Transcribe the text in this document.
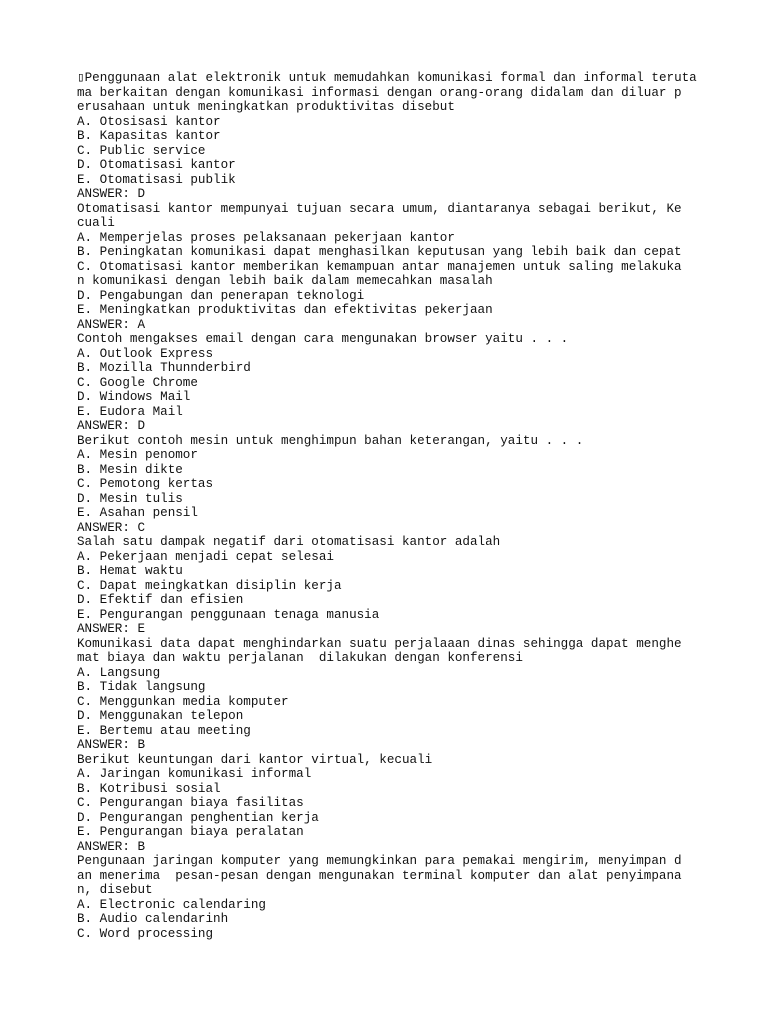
▯Penggunaan alat elektronik untuk memudahkan komunikasi formal dan informal teruta
ma berkaitan dengan komunikasi informasi dengan orang-orang didalam dan diluar p
erusahaan untuk meningkatkan produktivitas disebut
A. Otosisasi kantor
B. Kapasitas kantor
C. Public service
D. Otomatisasi kantor
E. Otomatisasi publik
ANSWER: D
Otomatisasi kantor mempunyai tujuan secara umum, diantaranya sebagai berikut, Ke
cuali
A. Memperjelas proses pelaksanaan pekerjaan kantor
B. Peningkatan komunikasi dapat menghasilkan keputusan yang lebih baik dan cepat
C. Otomatisasi kantor memberikan kemampuan antar manajemen untuk saling melakuka
n komunikasi dengan lebih baik dalam memecahkan masalah
D. Pengabungan dan penerapan teknologi
E. Meningkatkan produktivitas dan efektivitas pekerjaan
ANSWER: A
Contoh mengakses email dengan cara mengunakan browser yaitu . . .
A. Outlook Express
B. Mozilla Thunnderbird
C. Google Chrome
D. Windows Mail
E. Eudora Mail
ANSWER: D
Berikut contoh mesin untuk menghimpun bahan keterangan, yaitu . . .
A. Mesin penomor
B. Mesin dikte
C. Pemotong kertas
D. Mesin tulis
E. Asahan pensil
ANSWER: C
Salah satu dampak negatif dari otomatisasi kantor adalah
A. Pekerjaan menjadi cepat selesai
B. Hemat waktu
C. Dapat meingkatkan disiplin kerja
D. Efektif dan efisien
E. Pengurangan penggunaan tenaga manusia
ANSWER: E
Komunikasi data dapat menghindarkan suatu perjalaaan dinas sehingga dapat menghe
mat biaya dan waktu perjalanan  dilakukan dengan konferensi
A. Langsung
B. Tidak langsung
C. Menggunkan media komputer
D. Menggunakan telepon
E. Bertemu atau meeting
ANSWER: B
Berikut keuntungan dari kantor virtual, kecuali
A. Jaringan komunikasi informal
B. Kotribusi sosial
C. Pengurangan biaya fasilitas
D. Pengurangan penghentian kerja
E. Pengurangan biaya peralatan
ANSWER: B
Pengunaan jaringan komputer yang memungkinkan para pemakai mengirim, menyimpan d
an menerima  pesan-pesan dengan mengunakan terminal komputer dan alat penyimpana
n, disebut
A. Electronic calendaring
B. Audio calendarinh
C. Word processing
